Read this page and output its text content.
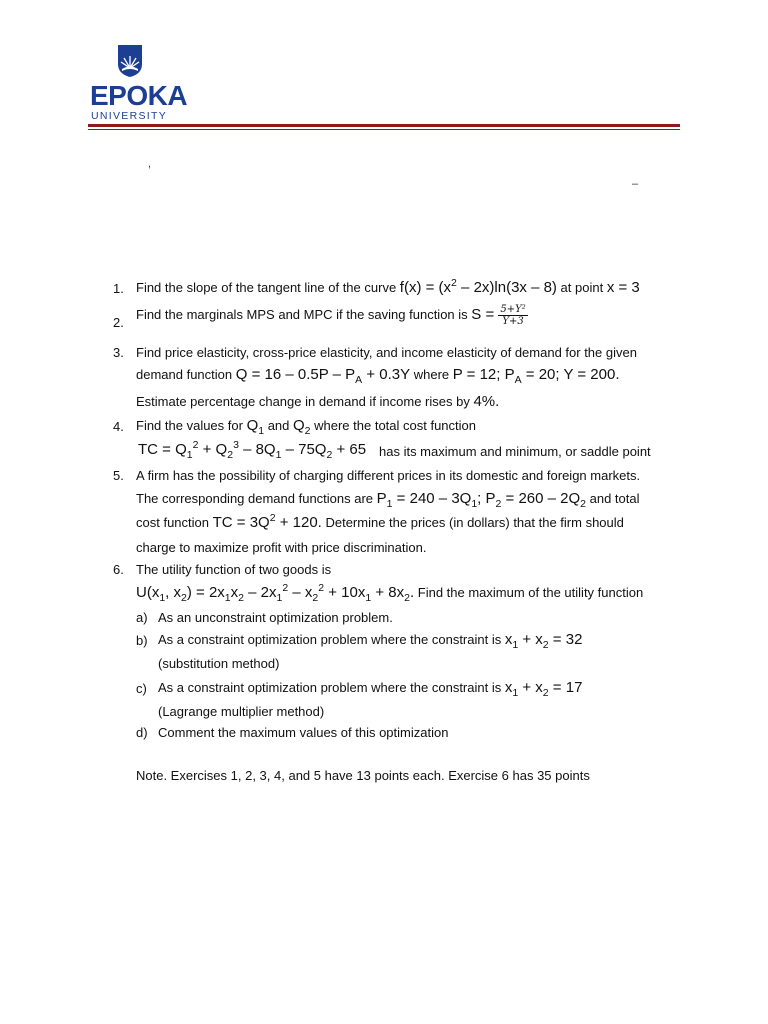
EPOKA
UNIVERSITY
,
–
1. Find the slope of the tangent line of the curve $f(x) = (x^2 - 2x)\ln(3x - 8)$ at point x = 3
2.
Find the marginals MPS and MPC if the saving function is $S = \frac{\text{5+Y²}}{Y+3}$
3. Find price elasticity, cross-price elasticity, and income elasticity of demand for the given
demand function $Q = 16 - 0.5P - P_A + 0.3Y$ where P = 12; $P_A = 20$; Y = 200.
Estimate percentage change in demand if income rises by 4%.
4. Find the values for $Q_1$ and $Q_2$ where the total cost function
TC = $Q_1^2 + Q_2^3 - 8Q_1 - 75Q_2 + 65$ has its maximum and minimum, or saddle point
5. A firm has the possibility of charging different prices in its domestic and foreign markets.
The corresponding demand functions are $P_1 = 240 - 3Q_1$; $P_2 = 260 - 2Q_2$ and total
cost function TC = $3Q^2 + 120$. Determine the prices (in dollars) that the firm should
charge to maximize profit with price discrimination.
6. The utility function of two goods is
$U(x_1$, $x_2) = 2x_1x_2 - 2x_1^2 - x_2^2 + 10x_1 + 8x_2$. Find the maximum of the utility function
a) As an unconstraint optimization problem.
b) As a constraint optimization problem where the constraint is $x_1 + x_2 = 32$
(substitution method)
c) As a constraint optimization problem where the constraint is $x_1 + x_2 = 17$
(Lagrange multiplier method)
d) Comment the maximum values of this optimization
Note. Exercises 1, 2, 3, 4, and 5 have 13 points each. Exercise 6 has 35 points
